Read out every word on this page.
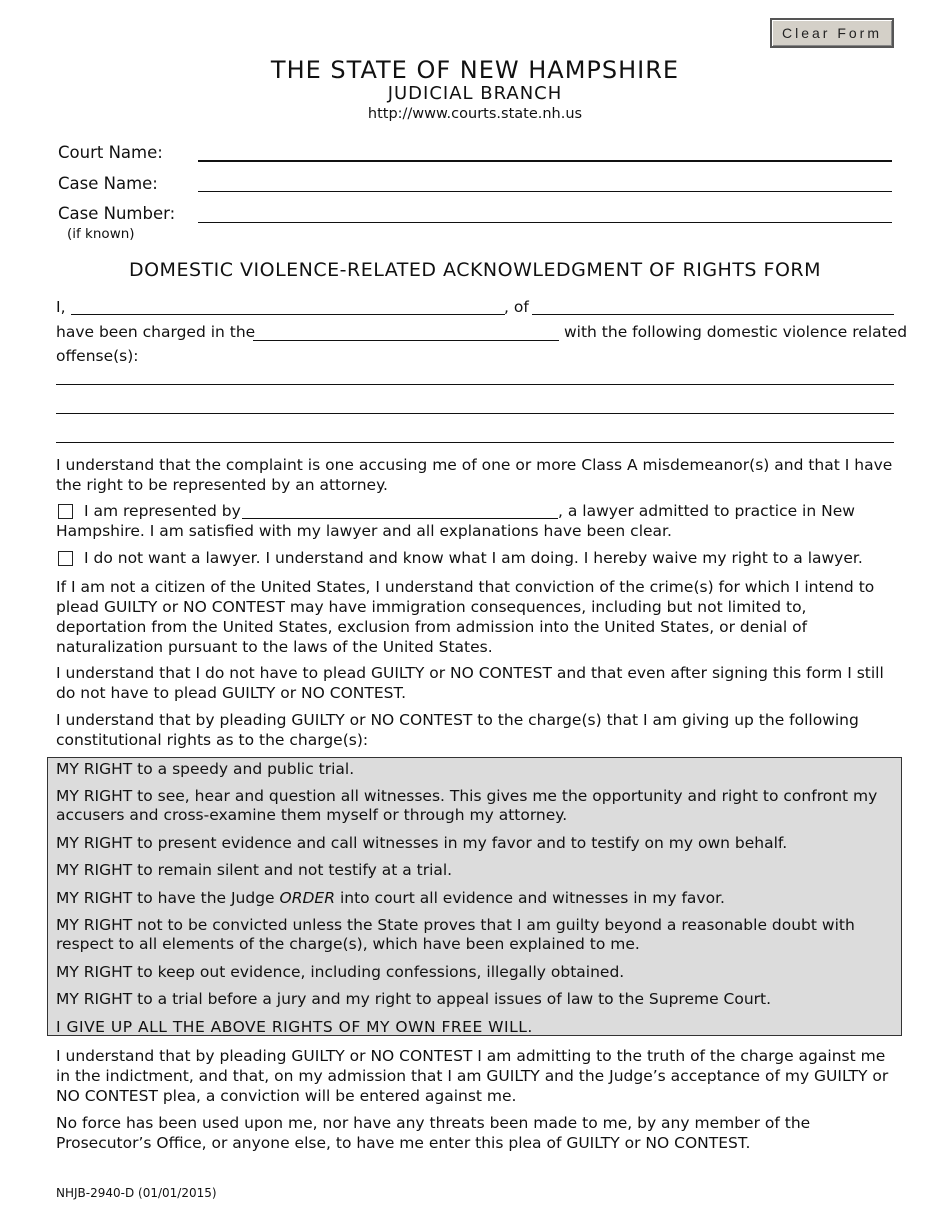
Clear Form
THE STATE OF NEW HAMPSHIRE
JUDICIAL BRANCH
http://www.courts.state.nh.us
Court Name:
Case Name:
Case Number:
(if known)
DOMESTIC VIOLENCE-RELATED ACKNOWLEDGMENT OF RIGHTS FORM
I,	, of
have been charged in the	with the following domestic violence related
offense(s):
I understand that the complaint is one accusing me of one or more Class A misdemeanor(s) and that I have the right to be represented by an attorney.
I am represented by	, a lawyer admitted to practice in New
Hampshire. I am satisfied with my lawyer and all explanations have been clear.
I do not want a lawyer. I understand and know what I am doing. I hereby waive my right to a lawyer.
If I am not a citizen of the United States, I understand that conviction of the crime(s) for which I intend to plead GUILTY or NO CONTEST may have immigration consequences, including but not limited to, deportation from the United States, exclusion from admission into the United States, or denial of naturalization pursuant to the laws of the United States.
I understand that I do not have to plead GUILTY or NO CONTEST and that even after signing this form I still do not have to plead GUILTY or NO CONTEST.
I understand that by pleading GUILTY or NO CONTEST to the charge(s) that I am giving up the following constitutional rights as to the charge(s):
MY RIGHT to a speedy and public trial.
MY RIGHT to see, hear and question all witnesses. This gives me the opportunity and right to confront my accusers and cross-examine them myself or through my attorney.
MY RIGHT to present evidence and call witnesses in my favor and to testify on my own behalf.
MY RIGHT to remain silent and not testify at a trial.
MY RIGHT to have the Judge ORDER into court all evidence and witnesses in my favor.
MY RIGHT not to be convicted unless the State proves that I am guilty beyond a reasonable doubt with respect to all elements of the charge(s), which have been explained to me.
MY RIGHT to keep out evidence, including confessions, illegally obtained.
MY RIGHT to a trial before a jury and my right to appeal issues of law to the Supreme Court.
I GIVE UP ALL THE ABOVE RIGHTS OF MY OWN FREE WILL.
I understand that by pleading GUILTY or NO CONTEST I am admitting to the truth of the charge against me in the indictment, and that, on my admission that I am GUILTY and the Judge’s acceptance of my GUILTY or NO CONTEST plea, a conviction will be entered against me.
No force has been used upon me, nor have any threats been made to me, by any member of the Prosecutor’s Office, or anyone else, to have me enter this plea of GUILTY or NO CONTEST.
NHJB-2940-D (01/01/2015)
